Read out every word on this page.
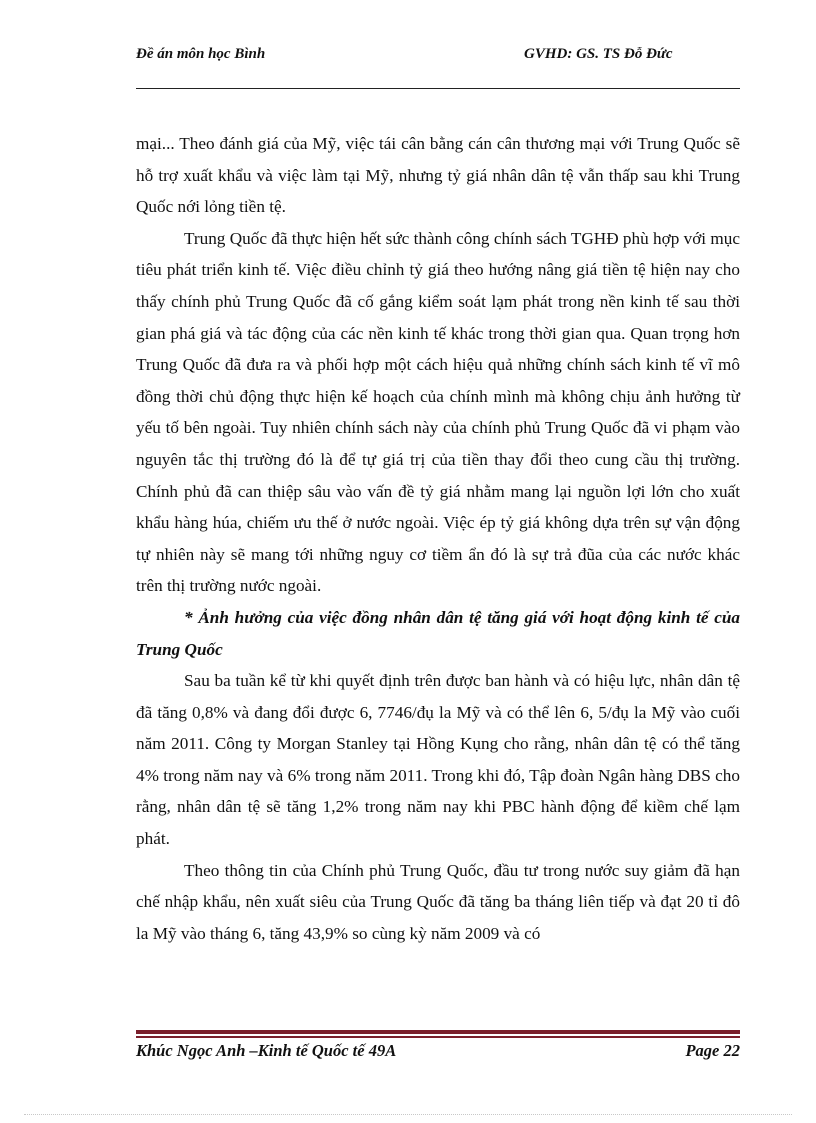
Đề án môn học Bình	GVHD: GS. TS Đỗ Đức

mại... Theo đánh giá của Mỹ, việc tái cân bằng cán cân thương mại với Trung Quốc sẽ hỗ trợ xuất khẩu và việc làm tại Mỹ, nhưng tỷ giá nhân dân tệ vẫn thấp sau khi Trung Quốc nới lỏng tiền tệ.

Trung Quốc đã thực hiện hết sức thành công chính sách TGHĐ phù hợp với mục tiêu phát triển kinh tế. Việc điều chỉnh tỷ giá theo hướng nâng giá tiền tệ hiện nay cho thấy chính phủ Trung Quốc đã cố gắng kiểm soát lạm phát trong nền kinh tế sau thời gian phá giá và tác động của các nền kinh tế khác trong thời gian qua. Quan trọng hơn Trung Quốc đã đưa ra và phối hợp một cách hiệu quả những chính sách kinh tế vĩ mô đồng thời chủ động thực hiện kế hoạch của chính mình mà không chịu ảnh hưởng từ yếu tố bên ngoài. Tuy nhiên chính sách này của chính phủ Trung Quốc đã vi phạm vào nguyên tắc thị trường đó là để tự giá trị của tiền thay đổi theo cung cầu thị trường. Chính phủ đã can thiệp sâu vào vấn đề tỷ giá nhằm mang lại nguồn lợi lớn cho xuất khẩu hàng húa, chiếm ưu thế ở nước ngoài. Việc ép tỷ giá không dựa trên sự vận động tự nhiên này sẽ mang tới những nguy cơ tiềm ẩn đó là sự trả đũa của các nước khác trên thị trường nước ngoài.

* Ảnh hưởng của việc đồng nhân dân tệ tăng giá với hoạt động kinh tế của Trung Quốc

Sau ba tuần kể từ khi quyết định trên được ban hành và có hiệu lực, nhân dân tệ đã tăng 0,8% và đang đổi được 6, 7746/đụ la Mỹ và có thể lên 6, 5/đụ la Mỹ vào cuối năm 2011. Công ty Morgan Stanley tại Hồng Kụng cho rằng, nhân dân tệ có thể tăng 4% trong năm nay và 6% trong năm 2011. Trong khi đó, Tập đoàn Ngân hàng DBS cho rằng, nhân dân tệ sẽ tăng 1,2% trong năm nay khi PBC hành động để kiềm chế lạm phát.

Theo thông tin của Chính phủ Trung Quốc, đầu tư trong nước suy giảm đã hạn chế nhập khẩu, nên xuất siêu của Trung Quốc đã tăng ba tháng liên tiếp và đạt 20 tỉ đô la Mỹ vào tháng 6, tăng 43,9% so cùng kỳ năm 2009 và có

Khúc Ngọc Anh –Kinh tế Quốc tế 49A	Page 22
